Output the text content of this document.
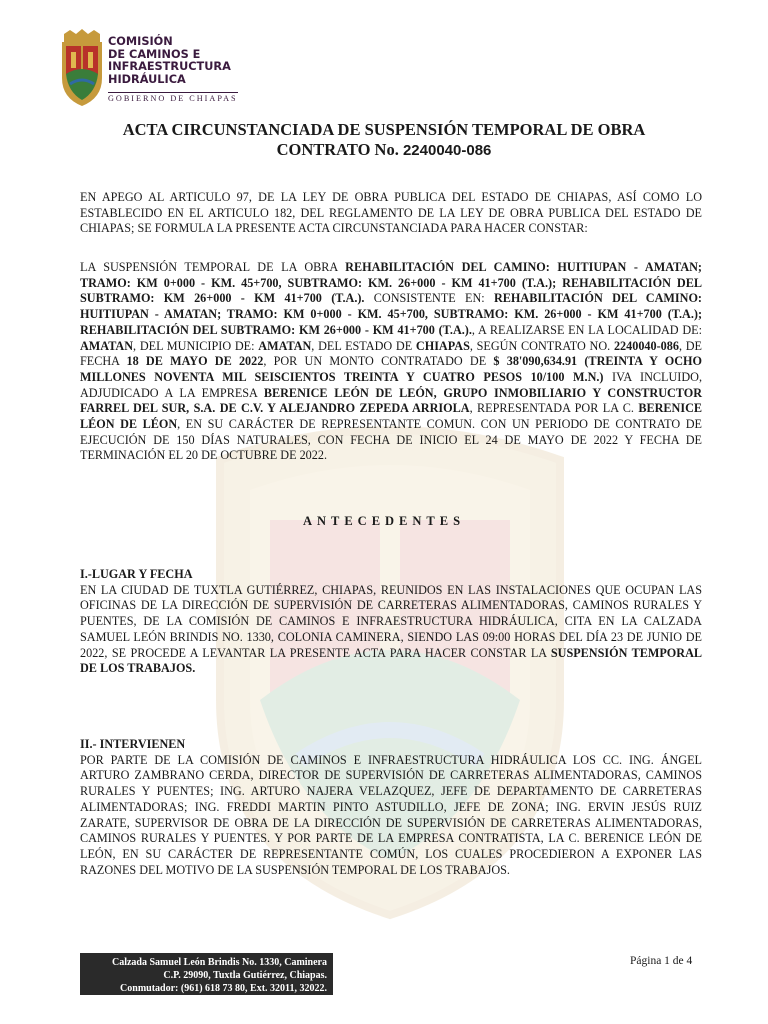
COMISIÓN
DE CAMINOS E
INFRAESTRUCTURA
HIDRÁULICA
GOBIERNO DE CHIAPAS
ACTA CIRCUNSTANCIADA DE SUSPENSIÓN TEMPORAL DE OBRA
CONTRATO No. 2240040-086
EN APEGO AL ARTICULO 97, DE LA LEY DE OBRA PUBLICA DEL ESTADO DE CHIAPAS, ASÍ COMO LO ESTABLECIDO EN EL ARTICULO 182, DEL REGLAMENTO DE LA LEY DE OBRA PUBLICA DEL ESTADO DE CHIAPAS; SE FORMULA LA PRESENTE ACTA CIRCUNSTANCIADA PARA HACER CONSTAR:
LA SUSPENSIÓN TEMPORAL DE LA OBRA REHABILITACIÓN DEL CAMINO: HUITIUPAN - AMATAN; TRAMO: KM 0+000 - KM. 45+700, SUBTRAMO: KM. 26+000 - KM 41+700 (T.A.); REHABILITACIÓN DEL SUBTRAMO: KM 26+000 - KM 41+700 (T.A.). CONSISTENTE EN: REHABILITACIÓN DEL CAMINO: HUITIUPAN - AMATAN; TRAMO: KM 0+000 - KM. 45+700, SUBTRAMO: KM. 26+000 - KM 41+700 (T.A.); REHABILITACIÓN DEL SUBTRAMO: KM 26+000 - KM 41+700 (T.A.)., A REALIZARSE EN LA LOCALIDAD DE: AMATAN, DEL MUNICIPIO DE: AMATAN, DEL ESTADO DE CHIAPAS, SEGÚN CONTRATO NO. 2240040-086, DE FECHA 18 DE MAYO DE 2022, POR UN MONTO CONTRATADO DE $ 38'090,634.91 (TREINTA Y OCHO MILLONES NOVENTA MIL SEISCIENTOS TREINTA Y CUATRO PESOS 10/100 M.N.) IVA INCLUIDO, ADJUDICADO A LA EMPRESA BERENICE LEÓN DE LEÓN, GRUPO INMOBILIARIO Y CONSTRUCTOR FARREL DEL SUR, S.A. DE C.V. Y ALEJANDRO ZEPEDA ARRIOLA, REPRESENTADA POR LA C. BERENICE LÉON DE LÉON, EN SU CARÁCTER DE REPRESENTANTE COMUN. CON UN PERIODO DE CONTRATO DE EJECUCIÓN DE 150 DÍAS NATURALES, CON FECHA DE INICIO EL 24 DE MAYO DE 2022 Y FECHA DE TERMINACIÓN EL 20 DE OCTUBRE DE 2022.
ANTECEDENTES
I.-LUGAR Y FECHA
EN LA CIUDAD DE TUXTLA GUTIÉRREZ, CHIAPAS, REUNIDOS EN LAS INSTALACIONES QUE OCUPAN LAS OFICINAS DE LA DIRECCIÓN DE SUPERVISIÓN DE CARRETERAS ALIMENTADORAS, CAMINOS RURALES Y PUENTES, DE LA COMISIÓN DE CAMINOS E INFRAESTRUCTURA HIDRÁULICA, CITA EN LA CALZADA SAMUEL LEÓN BRINDIS NO. 1330, COLONIA CAMINERA, SIENDO LAS 09:00 HORAS DEL DÍA 23 DE JUNIO DE 2022, SE PROCEDE A LEVANTAR LA PRESENTE ACTA PARA HACER CONSTAR LA SUSPENSIÓN TEMPORAL DE LOS TRABAJOS.
II.- INTERVIENEN
POR PARTE DE LA COMISIÓN DE CAMINOS E INFRAESTRUCTURA HIDRÁULICA LOS CC. ING. ÁNGEL ARTURO ZAMBRANO CERDA, DIRECTOR DE SUPERVISIÓN DE CARRETERAS ALIMENTADORAS, CAMINOS RURALES Y PUENTES; ING. ARTURO NAJERA VELAZQUEZ, JEFE DE DEPARTAMENTO DE CARRETERAS ALIMENTADORAS; ING. FREDDI MARTIN PINTO ASTUDILLO, JEFE DE ZONA; ING. ERVIN JESÚS RUIZ ZARATE, SUPERVISOR DE OBRA DE LA DIRECCIÓN DE SUPERVISIÓN DE CARRETERAS ALIMENTADORAS, CAMINOS RURALES Y PUENTES. Y POR PARTE DE LA EMPRESA CONTRATISTA, LA C. BERENICE LEÓN DE LEÓN, EN SU CARÁCTER DE REPRESENTANTE COMÚN, LOS CUALES PROCEDIERON A EXPONER LAS RAZONES DEL MOTIVO DE LA SUSPENSIÓN TEMPORAL DE LOS TRABAJOS.
Calzada Samuel León Brindis No. 1330, Caminera
C.P. 29090, Tuxtla Gutiérrez, Chiapas.
Conmutador: (961) 618 73 80, Ext. 32011, 32022.
Página 1 de 4
